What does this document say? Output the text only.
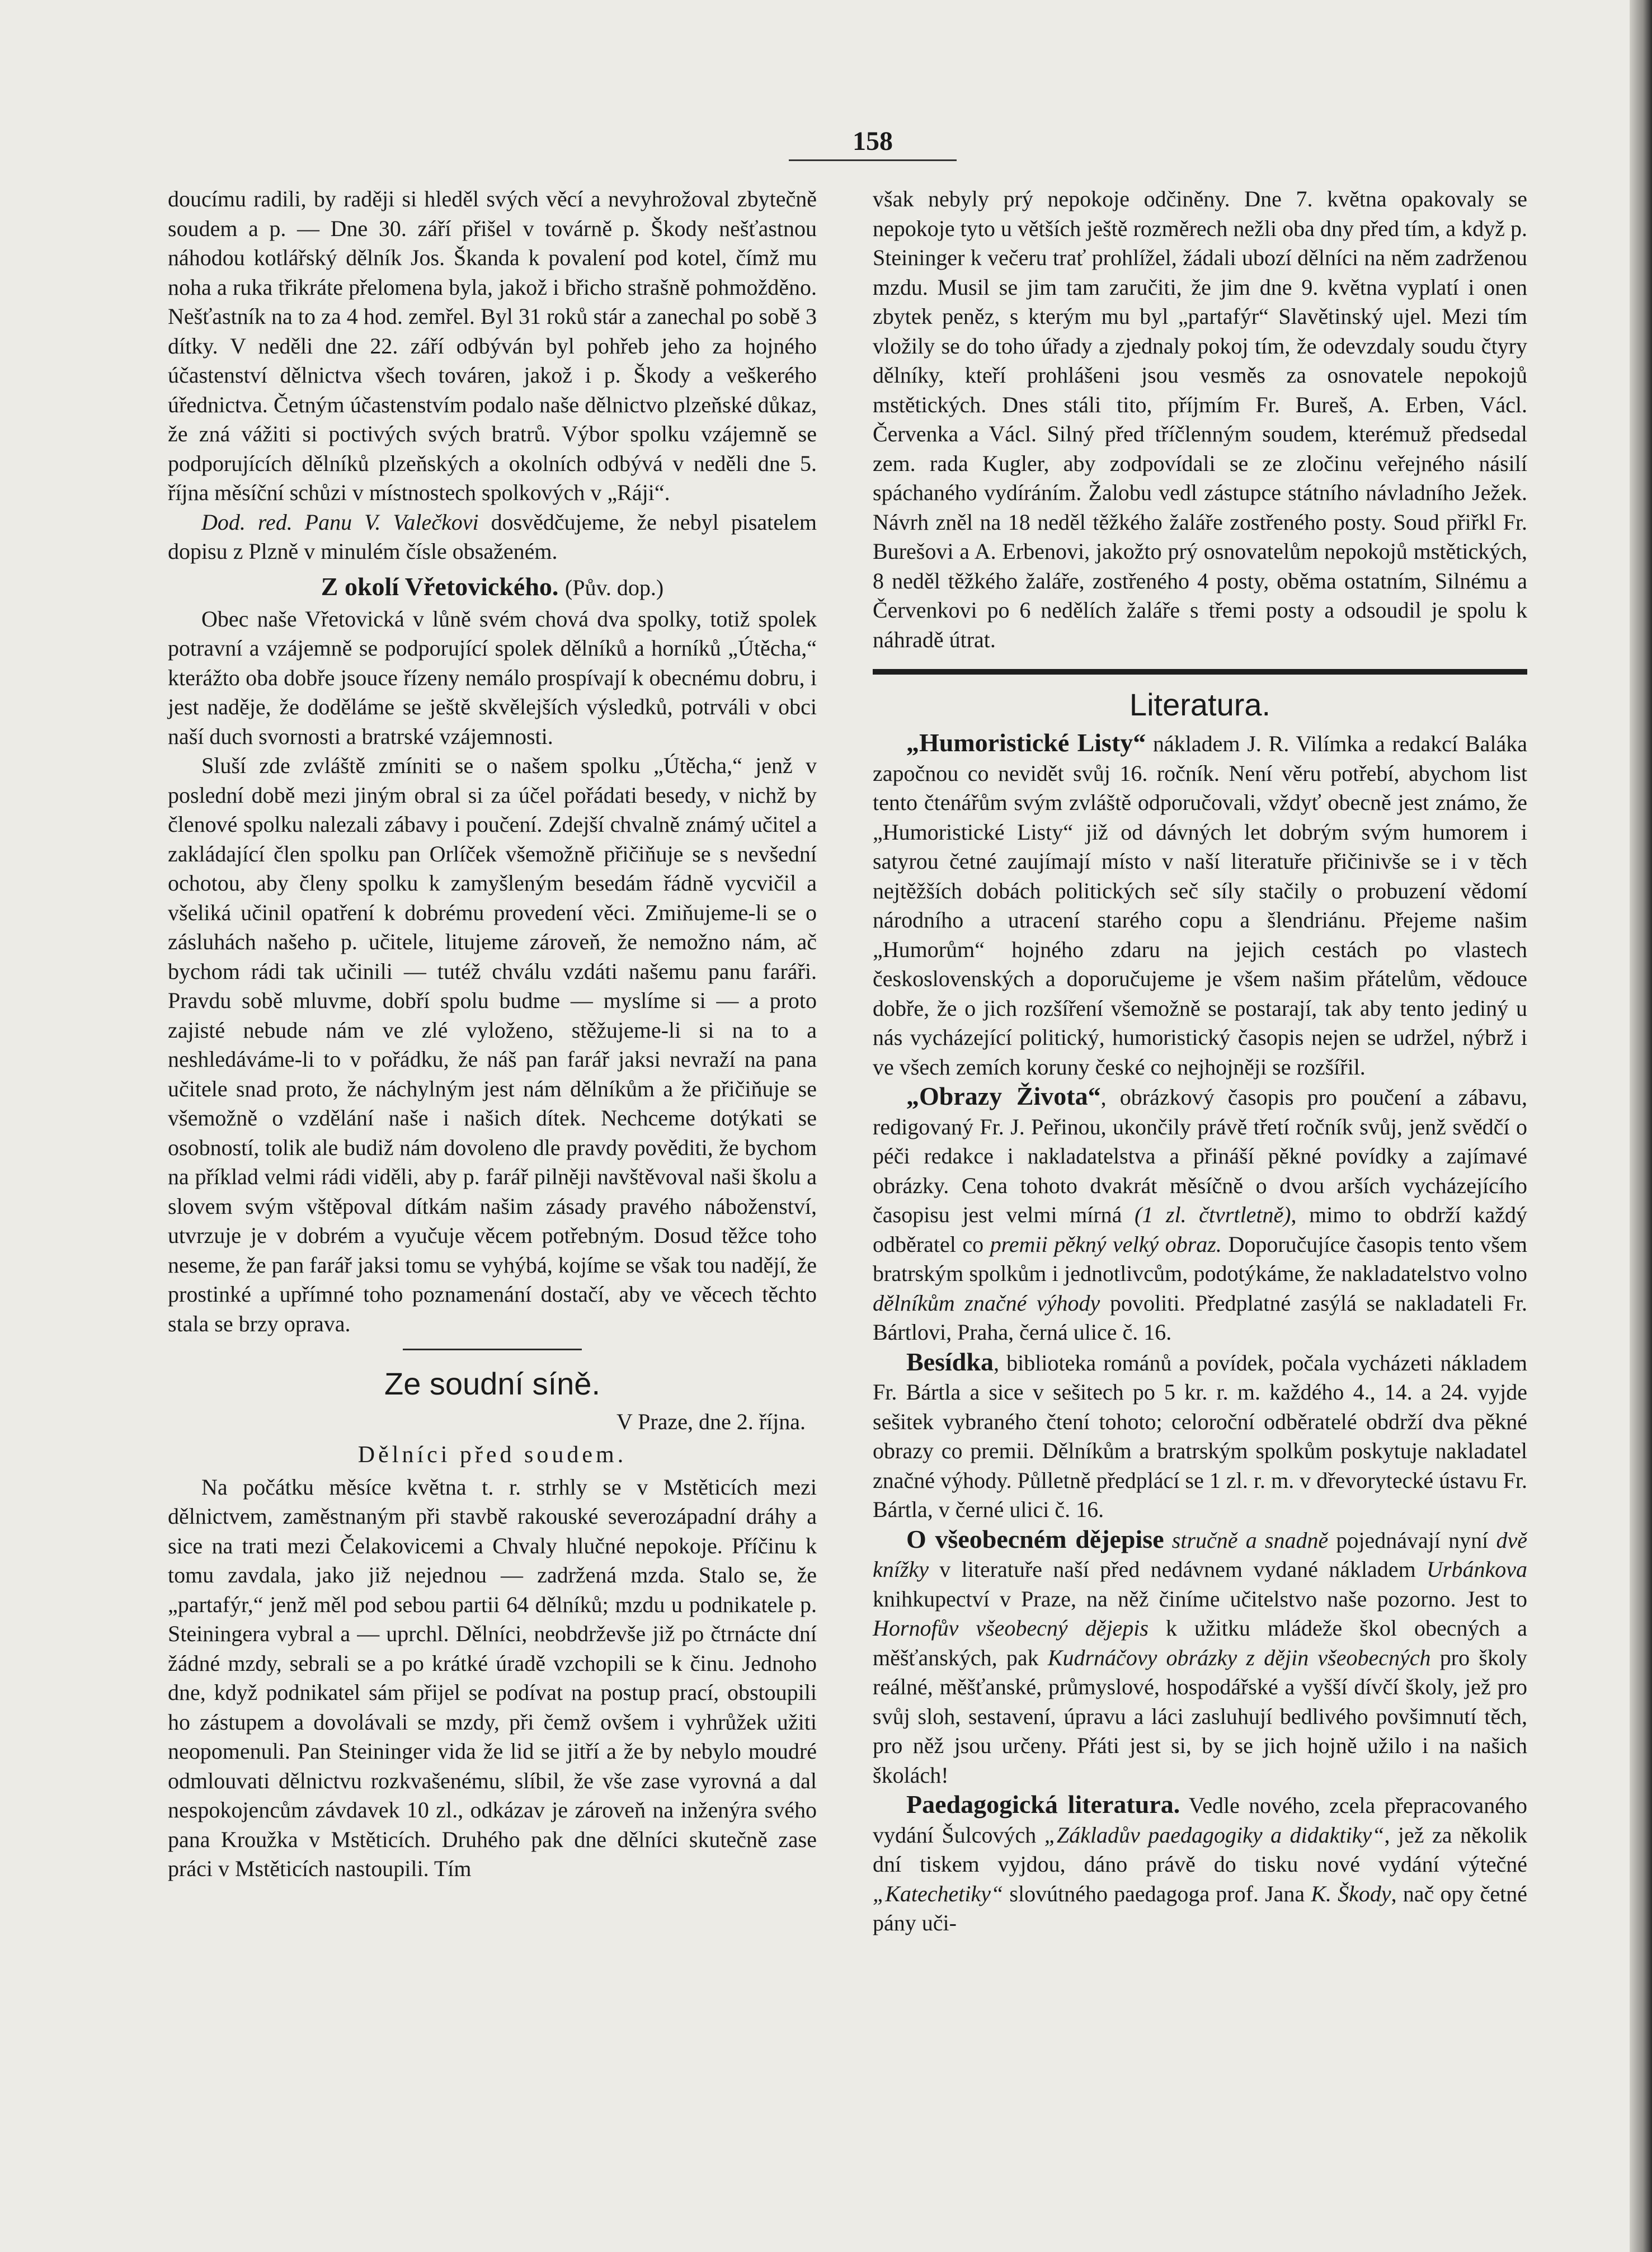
158

doucímu radili, by raději si hleděl svých věcí a nevyhrožoval zbytečně soudem a p. — Dne 30. září přišel v továrně p. Škody nešťastnou náhodou kotlářský dělník Jos. Škanda k povalení pod kotel, čímž mu noha a ruka třikráte přelomena byla, jakož i břicho strašně pohmožděno. Nešťastník na to za 4 hod. zemřel. Byl 31 roků stár a zanechal po sobě 3 dítky. V neděli dne 22. září odbýván byl pohřeb jeho za hojného účastenství dělnictva všech továren, jakož i p. Škody a veškerého úřednictva. Četným účastenstvím podalo naše dělnictvo plzeňské důkaz, že zná vážiti si poctivých svých bratrů. Výbor spolku vzájemně se podporujících dělníků plzeňských a okolních odbývá v neděli dne 5. října měsíční schůzi v místnostech spolkových v „Ráji“.

Dod. red. Panu V. Valečkovi dosvědčujeme, že nebyl pisatelem dopisu z Plzně v minulém čísle obsaženém.

Z okolí Vřetovického. (Pův. dop.)

Obec naše Vřetovická v lůně svém chová dva spolky, totiž spolek potravní a vzájemně se podporující spolek dělníků a horníků „Útěcha,“ kterážto oba dobře jsouce řízeny nemálo prospívají k obecnému dobru, i jest naděje, že doděláme se ještě skvělejších výsledků, potrváli v obci naší duch svornosti a bratrské vzájemnosti.

Sluší zde zvláště zmíniti se o našem spolku „Útěcha,“ jenž v poslední době mezi jiným obral si za účel pořádati besedy, v nichž by členové spolku nalezali zábavy i poučení. Zdejší chvalně známý učitel a zakládající člen spolku pan Orlíček všemožně přičiňuje se s nevšední ochotou, aby členy spolku k zamyšleným besedám řádně vycvičil a všeliká učinil opatření k dobrému provedení věci. Zmiňujeme-li se o zásluhách našeho p. učitele, litujeme zároveň, že nemožno nám, ač bychom rádi tak učinili — tutéž chválu vzdáti našemu panu faráři. Pravdu sobě mluvme, dobří spolu budme — myslíme si — a proto zajisté nebude nám ve zlé vyloženo, stěžujeme-li si na to a neshledáváme-li to v pořádku, že náš pan farář jaksi nevraží na pana učitele snad proto, že náchylným jest nám dělníkům a že přičiňuje se všemožně o vzdělání naše i našich dítek. Nechceme dotýkati se osobností, tolik ale budiž nám dovoleno dle pravdy pověditi, že bychom na příklad velmi rádi viděli, aby p. farář pilněji navštěvoval naši školu a slovem svým vštěpoval dítkám našim zásady pravého náboženství, utvrzuje je v dobrém a vyučuje věcem potřebným. Dosud těžce toho neseme, že pan farář jaksi tomu se vyhýbá, kojíme se však tou nadějí, že prostinké a upřímné toho poznamenání dostačí, aby ve věcech těchto stala se brzy oprava.

Ze soudní síně.

V Praze, dne 2. října.

Dělníci před soudem.

Na počátku měsíce května t. r. strhly se v Mstěticích mezi dělnictvem, zaměstnaným při stavbě rakouské severozápadní dráhy a sice na trati mezi Čelakovicemi a Chvaly hlučné nepokoje. Příčinu k tomu zavdala, jako již nejednou — zadržená mzda. Stalo se, že „partafýr,“ jenž měl pod sebou partii 64 dělníků; mzdu u podnikatele p. Steiningera vybral a — uprchl. Dělníci, neobdrževše již po čtrnácte dní žádné mzdy, sebrali se a po krátké úradě vzchopili se k činu. Jednoho dne, když podnikatel sám přijel se podívat na postup prací, obstoupili ho zástupem a dovolávali se mzdy, při čemž ovšem i vyhrůžek užiti neopomenuli. Pan Steininger vida že lid se jitří a že by nebylo moudré odmlouvati dělnictvu rozkvašenému, slíbil, že vše zase vyrovná a dal nespokojencům závdavek 10 zl., odkázav je zároveň na inženýra svého pana Kroužka v Mstěticích. Druhého pak dne dělníci skutečně zase práci v Mstěticích nastoupili. Tím

však nebyly prý nepokoje odčiněny. Dne 7. května opakovaly se nepokoje tyto u větších ještě rozměrech nežli oba dny před tím, a když p. Steininger k večeru trať prohlížel, žádali ubozí dělníci na něm zadrženou mzdu. Musil se jim tam zaručiti, že jim dne 9. května vyplatí i onen zbytek peněz, s kterým mu byl „partafýr“ Slavětinský ujel. Mezi tím vložily se do toho úřady a zjednaly pokoj tím, že odevzdaly soudu čtyry dělníky, kteří prohlášeni jsou vesměs za osnovatele nepokojů mstětických. Dnes stáli tito, příjmím Fr. Bureš, A. Erben, Václ. Červenka a Václ. Silný před tříčlenným soudem, kterémuž předsedal zem. rada Kugler, aby zodpovídali se ze zločinu veřejného násilí spáchaného vydíráním. Žalobu vedl zástupce státního návladního Ježek. Návrh zněl na 18 neděl těžkého žaláře zostřeného posty. Soud přiřkl Fr. Burešovi a A. Erbenovi, jakožto prý osnovatelům nepokojů mstětických, 8 neděl těžkého žaláře, zostřeného 4 posty, oběma ostatním, Silnému a Červenkovi po 6 nedělích žaláře s třemi posty a odsoudil je spolu k náhradě útrat.

Literatura.

„Humoristické Listy“ nákladem J. R. Vilímka a redakcí Baláka započnou co nevidět svůj 16. ročník. Není věru potřebí, abychom list tento čtenářům svým zvláště odporučovali, vždyť obecně jest známo, že „Humoristické Listy“ již od dávných let dobrým svým humorem i satyrou četné zaujímají místo v naší literatuře přičinivše se i v těch nejtěžších dobách politických seč síly stačily o probuzení vědomí národního a utracení starého copu a šlendriánu. Přejeme našim „Humorům“ hojného zdaru na jejich cestách po vlastech československých a doporučujeme je všem našim přátelům, vědouce dobře, že o jich rozšíření všemožně se postarají, tak aby tento jediný u nás vycházející politický, humoristický časopis nejen se udržel, nýbrž i ve všech zemích koruny české co nejhojněji se rozšířil.

„Obrazy Života“, obrázkový časopis pro poučení a zábavu, redigovaný Fr. J. Peřinou, ukončily právě třetí ročník svůj, jenž svědčí o péči redakce i nakladatelstva a přináší pěkné povídky a zajímavé obrázky. Cena tohoto dvakrát měsíčně o dvou arších vycházejícího časopisu jest velmi mírná (1 zl. čtvrtletně), mimo to obdrží každý odběratel co premii pěkný velký obraz. Doporučujíce časopis tento všem bratrským spolkům i jednotlivcům, podotýkáme, že nakladatelstvo volno dělníkům značné výhody povoliti. Předplatné zasýlá se nakladateli Fr. Bártlovi, Praha, černá ulice č. 16.

Besídka, biblioteka románů a povídek, počala vycházeti nákladem Fr. Bártla a sice v sešitech po 5 kr. r. m. každého 4., 14. a 24. vyjde sešitek vybraného čtení tohoto; celoroční odběratelé obdrží dva pěkné obrazy co premii. Dělníkům a bratrským spolkům poskytuje nakladatel značné výhody. Půlletně předplácí se 1 zl. r. m. v dřevorytecké ústavu Fr. Bártla, v černé ulici č. 16.

O všeobecném dějepise stručně a snadně pojednávají nyní dvě knížky v literatuře naší před nedávnem vydané nákladem Urbánkova knihkupectví v Praze, na něž činíme učitelstvo naše pozorno. Jest to Hornofův všeobecný dějepis k užitku mládeže škol obecných a měšťanských, pak Kudrnáčovy obrázky z dějin všeobecných pro školy reálné, měšťanské, průmyslové, hospodářské a vyšší dívčí školy, jež pro svůj sloh, sestavení, úpravu a láci zasluhují bedlivého povšimnutí těch, pro něž jsou určeny. Přáti jest si, by se jich hojně užilo i na našich školách!

Paedagogická literatura. Vedle nového, zcela přepracovaného vydání Šulcových „Základův paedagogiky a didaktiky“, jež za několik dní tiskem vyjdou, dáno právě do tisku nové vydání výtečné „Katechetiky“ slovútného paedagoga prof. Jana K. Škody, nač opy četné pány uči-
